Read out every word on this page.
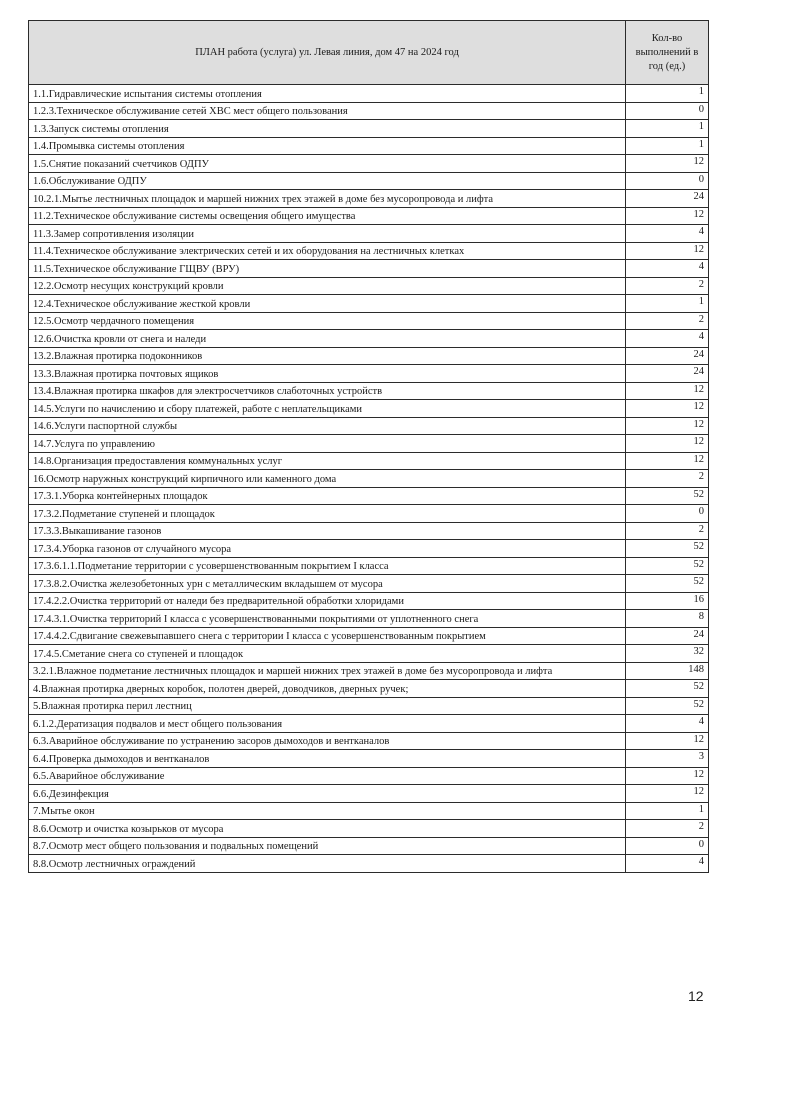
ПЛАН работа (услуга) ул. Левая линия, дом 47 на 2024 год	Кол-во выполнений в год (ед.)
1.1.Гидравлические испытания системы отопления	1
1.2.3.Техническое обслуживание сетей ХВС мест общего пользования	0
1.3.Запуск системы отопления	1
1.4.Промывка системы отопления	1
1.5.Снятие показаний счетчиков ОДПУ	12
1.6.Обслуживание ОДПУ	0
10.2.1.Мытье лестничных площадок и маршей нижних трех этажей в доме без мусоропровода и лифта	24
11.2.Техническое обслуживание системы освещения общего имущества	12
11.3.Замер сопротивления изоляции	4
11.4.Техническое обслуживание электрических сетей и их оборудования на лестничных клетках	12
11.5.Техническое обслуживание ГЩВУ (ВРУ)	4
12.2.Осмотр несущих конструкций кровли	2
12.4.Техническое обслуживание жесткой кровли	1
12.5.Осмотр чердачного помещения	2
12.6.Очистка кровли от снега и наледи	4
13.2.Влажная протирка подоконников	24
13.3.Влажная протирка почтовых ящиков	24
13.4.Влажная протирка шкафов для электросчетчиков слаботочных устройств	12
14.5.Услуги по начислению и сбору платежей, работе с неплательщиками	12
14.6.Услуги паспортной службы	12
14.7.Услуга по управлению	12
14.8.Организация предоставления коммунальных услуг	12
16.Осмотр наружных конструкций кирпичного или каменного дома	2
17.3.1.Уборка контейнерных площадок	52
17.3.2.Подметание ступеней и площадок	0
17.3.3.Выкашивание газонов	2
17.3.4.Уборка газонов от случайного мусора	52
17.3.6.1.1.Подметание территории с усовершенствованным покрытием I класса	52
17.3.8.2.Очистка железобетонных урн с металлическим вкладышем от мусора	52
17.4.2.2.Очистка территорий от наледи без предварительной обработки хлоридами	16
17.4.3.1.Очистка территорий I класса с усовершенствованными покрытиями от уплотненного снега	8
17.4.4.2.Сдвигание свежевыпавшего снега с территории I класса с усовершенствованным покрытием	24
17.4.5.Сметание снега со ступеней и площадок	32
3.2.1.Влажное подметание лестничных площадок и маршей нижних трех этажей в доме без мусоропровода и лифта	148
4.Влажная протирка дверных коробок, полотен дверей, доводчиков, дверных ручек;	52
5.Влажная протирка перил лестниц	52
6.1.2.Дератизация подвалов и мест общего пользования	4
6.3.Аварийное обслуживание по устранению засоров дымоходов и вентканалов	12
6.4.Проверка дымоходов и вентканалов	3
6.5.Аварийное обслуживание	12
6.6.Дезинфекция	12
7.Мытье окон	1
8.6.Осмотр и очистка козырьков от мусора	2
8.7.Осмотр мест общего пользования и подвальных помещений	0
8.8.Осмотр лестничных ограждений	4
12
